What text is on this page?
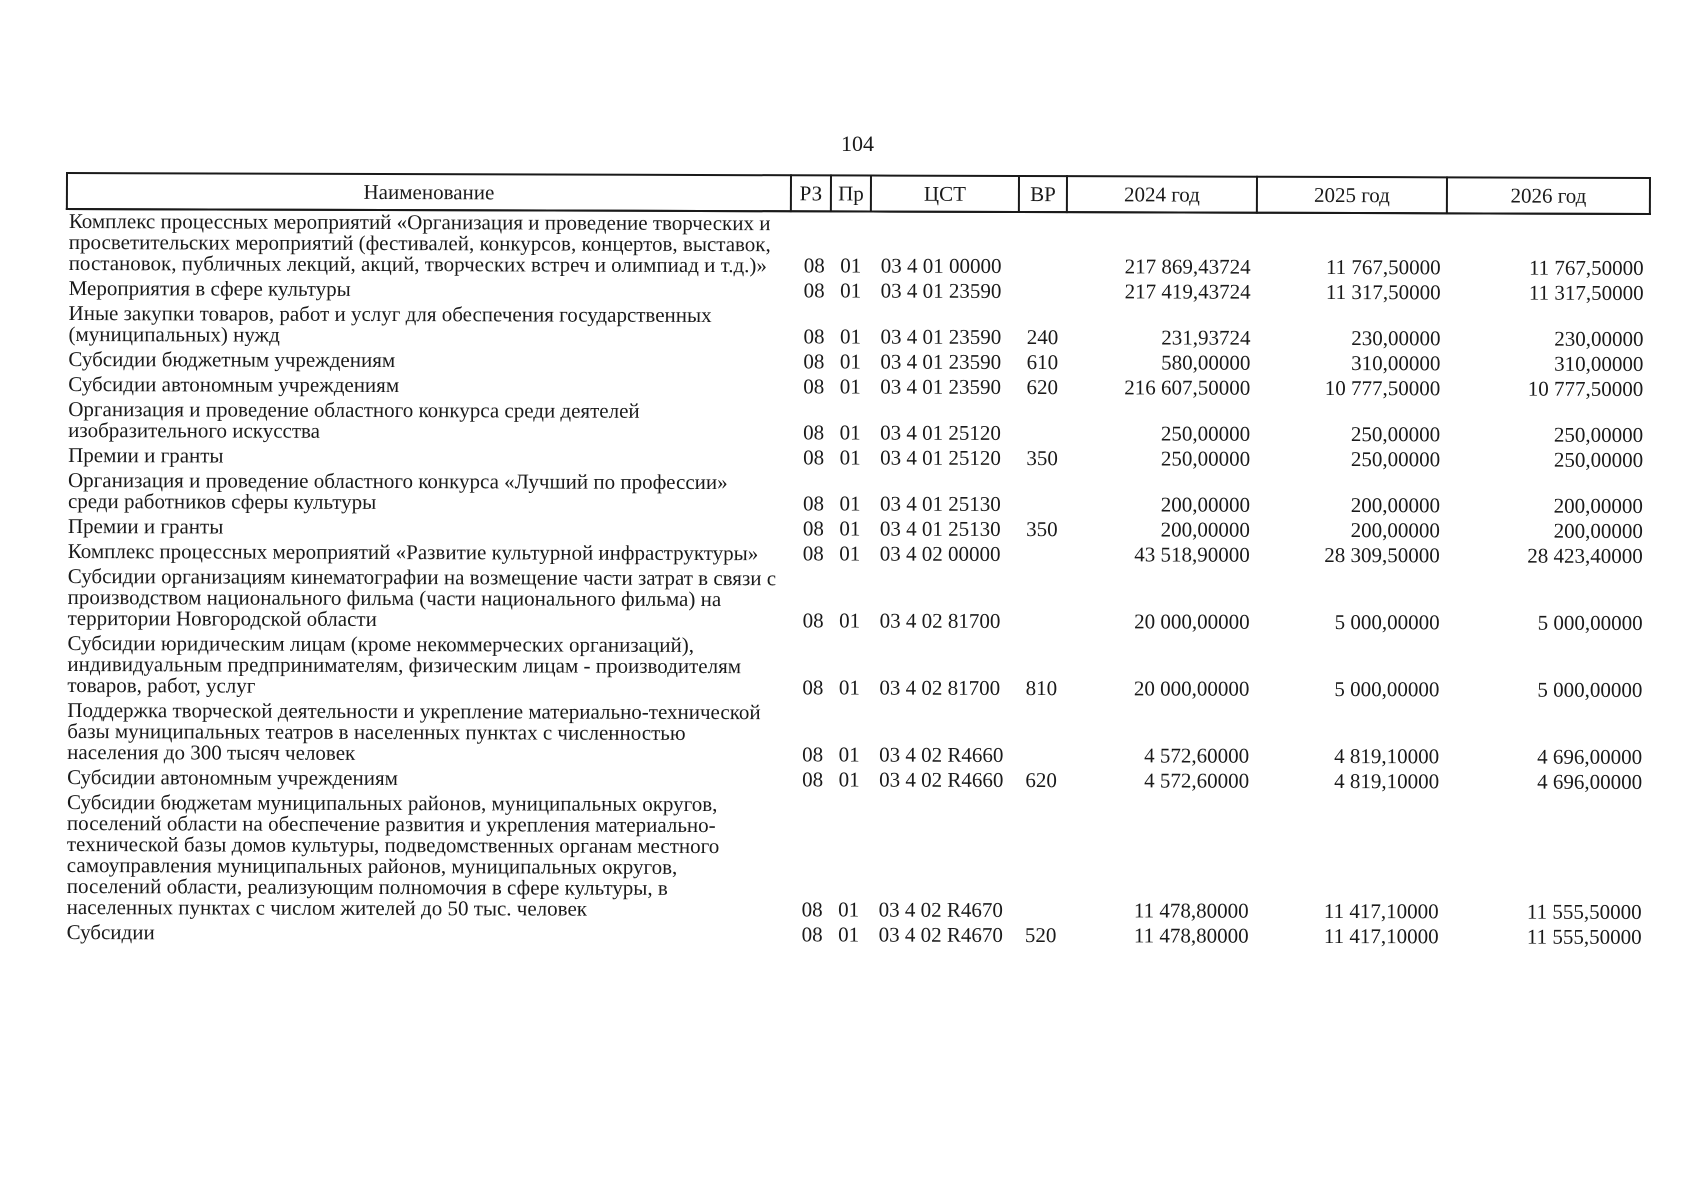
104
Наименование	РЗ	Пр	ЦСТ	ВР	2024 год	2025 год	2026 год
Комплекс процессных мероприятий «Организация и проведение творческих и просветительских мероприятий (фестивалей, конкурсов, концертов, выставок, постановок, публичных лекций, акций, творческих встреч и олимпиад и т.д.)»	08	01	03 4 01 00000		217 869,43724	11 767,50000	11 767,50000
Мероприятия в сфере культуры	08	01	03 4 01 23590		217 419,43724	11 317,50000	11 317,50000
Иные закупки товаров, работ и услуг для обеспечения государственных (муниципальных) нужд	08	01	03 4 01 23590	240	231,93724	230,00000	230,00000
Субсидии бюджетным учреждениям	08	01	03 4 01 23590	610	580,00000	310,00000	310,00000
Субсидии автономным учреждениям	08	01	03 4 01 23590	620	216 607,50000	10 777,50000	10 777,50000
Организация и проведение областного конкурса среди деятелей изобразительного искусства	08	01	03 4 01 25120		250,00000	250,00000	250,00000
Премии и гранты	08	01	03 4 01 25120	350	250,00000	250,00000	250,00000
Организация и проведение областного конкурса «Лучший по профессии» среди работников сферы культуры	08	01	03 4 01 25130		200,00000	200,00000	200,00000
Премии и гранты	08	01	03 4 01 25130	350	200,00000	200,00000	200,00000
Комплекс процессных мероприятий «Развитие культурной инфраструктуры»	08	01	03 4 02 00000		43 518,90000	28 309,50000	28 423,40000
Субсидии организациям кинематографии на возмещение части затрат в связи с производством национального фильма (части национального фильма) на территории Новгородской области	08	01	03 4 02 81700		20 000,00000	5 000,00000	5 000,00000
Субсидии юридическим лицам (кроме некоммерческих организаций), индивидуальным предпринимателям, физическим лицам - производителям товаров, работ, услуг	08	01	03 4 02 81700	810	20 000,00000	5 000,00000	5 000,00000
Поддержка творческой деятельности и укрепление материально-технической базы муниципальных театров в населенных пунктах с численностью населения до 300 тысяч человек	08	01	03 4 02 R4660		4 572,60000	4 819,10000	4 696,00000
Субсидии автономным учреждениям	08	01	03 4 02 R4660	620	4 572,60000	4 819,10000	4 696,00000
Субсидии бюджетам муниципальных районов, муниципальных округов, поселений области на обеспечение развития и укрепления материально-технической базы домов культуры, подведомственных органам местного самоуправления муниципальных районов, муниципальных округов, поселений области, реализующим полномочия в сфере культуры, в населенных пунктах с числом жителей до 50 тыс. человек	08	01	03 4 02 R4670		11 478,80000	11 417,10000	11 555,50000
Субсидии	08	01	03 4 02 R4670	520	11 478,80000	11 417,10000	11 555,50000
